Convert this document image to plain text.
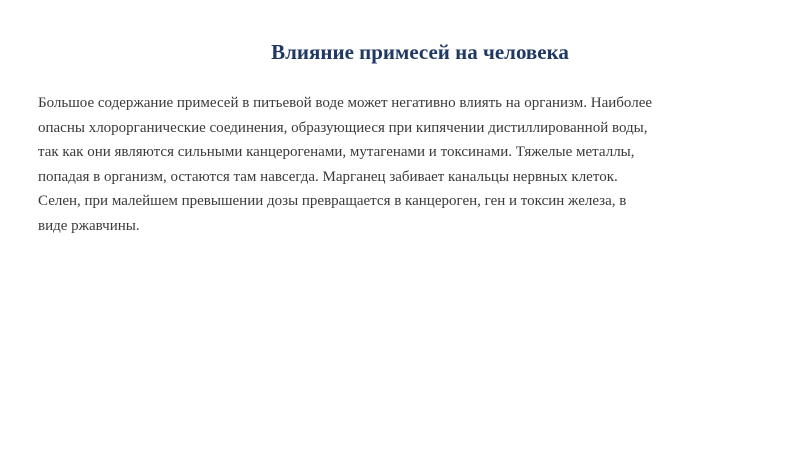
Влияние примесей на человека

Большое содержание примесей в питьевой воде может негативно влиять на организм. Наиболее
опасны хлорорганические соединения, образующиеся при кипячении дистиллированной воды,
так как они являются сильными канцерогенами, мутагенами и токсинами. Тяжелые металлы,
попадая в организм, остаются там навсегда. Марганец забивает канальцы нервных клеток.
Селен, при малейшем превышении дозы превращается в канцероген, ген и токсин железа, в
виде ржавчины.
